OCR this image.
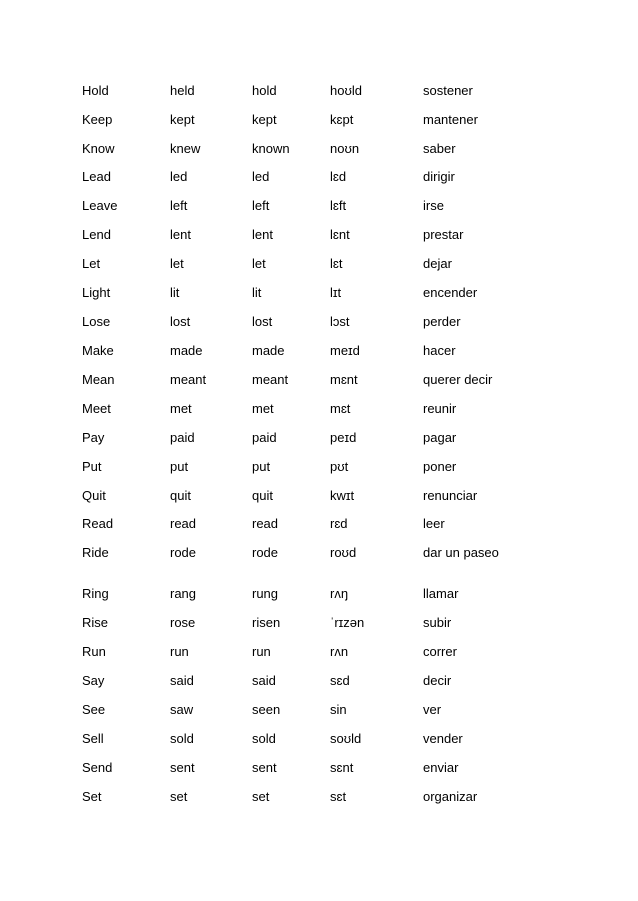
Hold	held	hold	hoʊld	sostener
Keep	kept	kept	kɛpt	mantener
Know	knew	known	noʊn	saber
Lead	led	led	lɛd	dirigir
Leave	left	left	lɛft	irse
Lend	lent	lent	lɛnt	prestar
Let	let	let	lɛt	dejar
Light	lit	lit	lɪt	encender
Lose	lost	lost	lɔst	perder
Make	made	made	meɪd	hacer
Mean	meant	meant	mɛnt	querer decir
Meet	met	met	mɛt	reunir
Pay	paid	paid	peɪd	pagar
Put	put	put	pʊt	poner
Quit	quit	quit	kwɪt	renunciar
Read	read	read	rɛd	leer
Ride	rode	rode	roʊd	dar un paseo
Ring	rang	rung	rʌŋ	llamar
Rise	rose	risen	ˈrɪzən	subir
Run	run	run	rʌn	correr
Say	said	said	sɛd	decir
See	saw	seen	sin	ver
Sell	sold	sold	soʊld	vender
Send	sent	sent	sɛnt	enviar
Set	set	set	sɛt	organizar
